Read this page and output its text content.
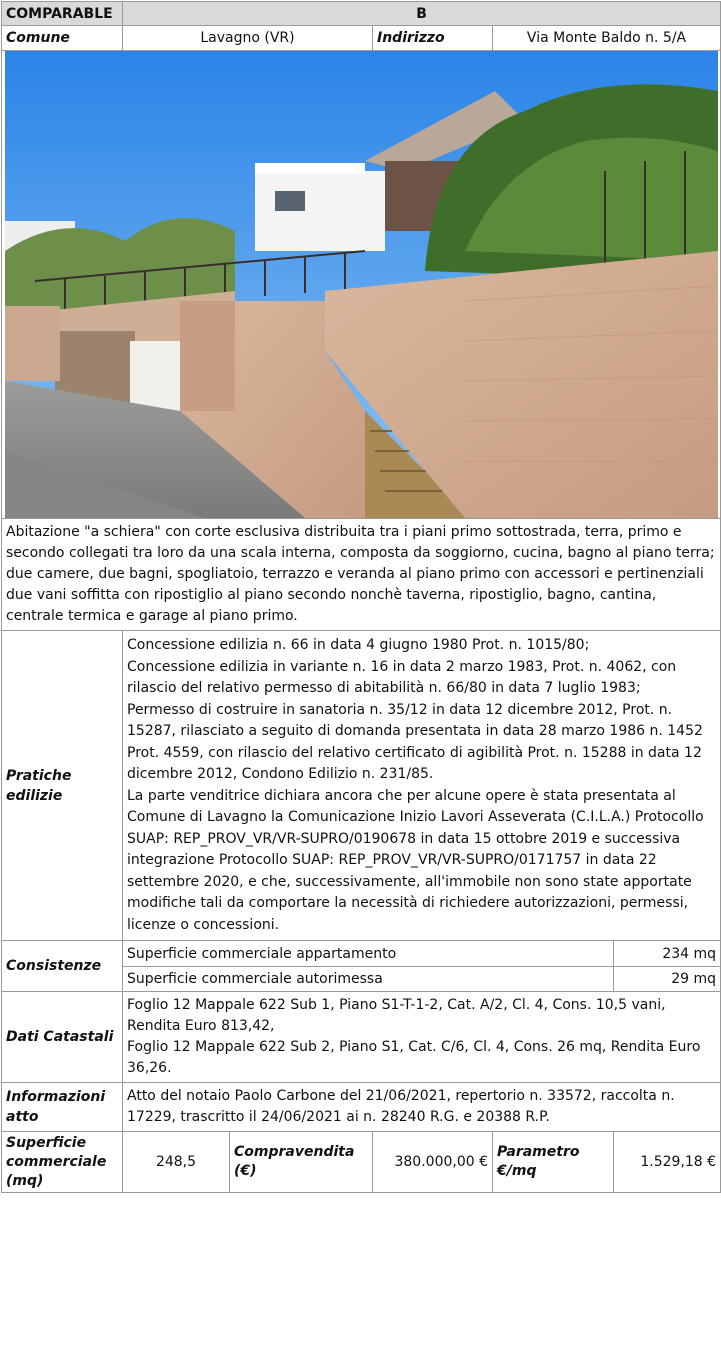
COMPARABLE	B				
Comune	Lavagno (VR)		Indirizzo	Via Monte Baldo n. 5/A	

Abitazione "a schiera" con corte esclusiva distribuita tra i piani primo sottostrada, terra, primo e secondo collegati tra loro da una scala interna, composta da soggiorno, cucina, bagno al piano terra; due camere, due bagni, spogliatoio, terrazzo e veranda al piano primo con accessori e pertinenziali due vani soffitta con ripostiglio al piano secondo nonchè taverna, ripostiglio, bagno, cantina, centrale termica e garage al piano primo.					
Pratiche edilizie	Concessione edilizia n. 66 in data 4 giugno 1980 Prot. n. 1015/80;
Concessione edilizia in variante n. 16 in data 2 marzo 1983, Prot. n. 4062, con rilascio del relativo permesso di abitabilità n. 66/80 in data 7 luglio 1983;
Permesso di costruire in sanatoria n. 35/12 in data 12 dicembre 2012, Prot. n. 15287, rilasciato a seguito di domanda presentata in data 28 marzo 1986 n. 1452 Prot. 4559, con rilascio del relativo certificato di agibilità Prot. n. 15288 in data 12 dicembre 2012, Condono Edilizio n. 231/85.
La parte venditrice dichiara ancora che per alcune opere è stata presentata al Comune di Lavagno la Comunicazione Inizio Lavori Asseverata (C.I.L.A.) Protocollo SUAP: REP_PROV_VR/VR-SUPRO/0190678 in data 15 ottobre 2019 e successiva integrazione Protocollo SUAP: REP_PROV_VR/VR-SUPRO/0171757 in data 22 settembre 2020, e che, successivamente, all'immobile non sono state apportate modifiche tali da comportare la necessità di richiedere autorizzazioni, permessi, licenze o concessioni.				

Consistenze	Superficie commerciale appartamento				234 mq
	Superficie commerciale autorimessa				29 mq
Dati Catastali	Foglio 12 Mappale 622 Sub 1, Piano S1-T-1-2, Cat. A/2, Cl. 4, Cons. 10,5 vani, Rendita Euro 813,42,
Foglio 12 Mappale 622 Sub 2, Piano S1, Cat. C/6, Cl. 4, Cons. 26 mq, Rendita Euro 36,26.				

Informazioni atto	Atto del notaio Paolo Carbone del 21/06/2021, repertorio n. 33572, raccolta n. 17229, trascritto il 24/06/2021 ai n. 28240 R.G. e 20388 R.P.				
Superficie commerciale (mq)	248,5	Compravendita (€)	380.000,00 €	Parametro €/mq	1.529,18 €
